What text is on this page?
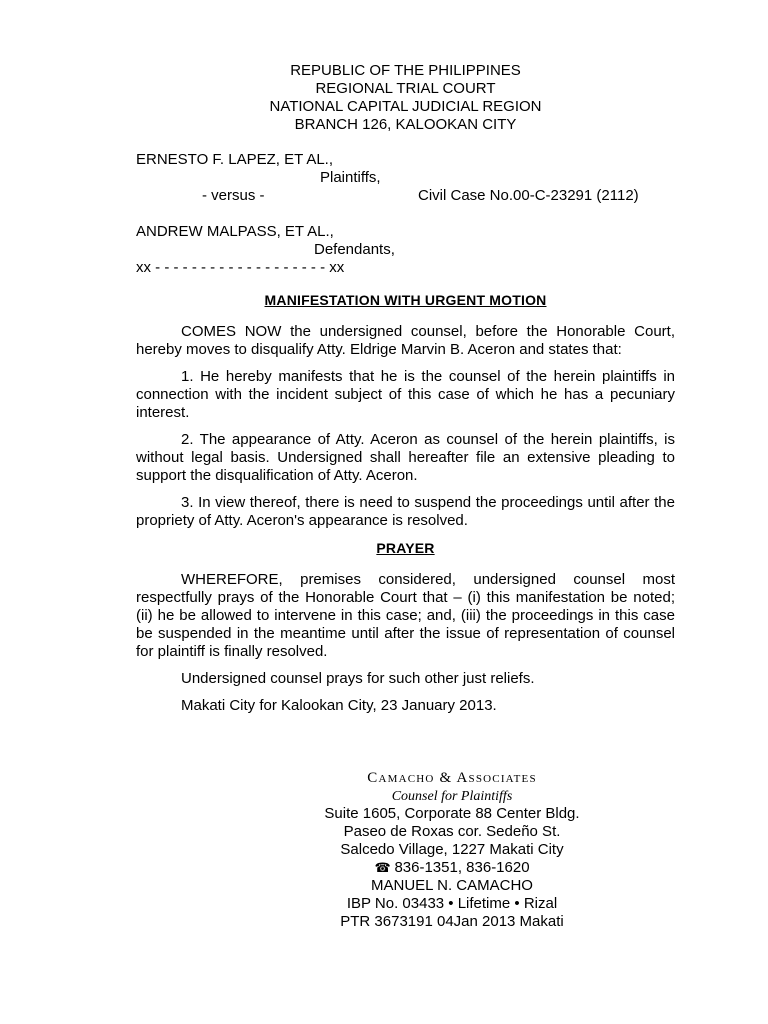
REPUBLIC OF THE PHILIPPINES
REGIONAL TRIAL COURT
NATIONAL CAPITAL JUDICIAL REGION
BRANCH 126, KALOOKAN CITY
ERNESTO F. LAPEZ, ET AL.,
Plaintiffs,
- versus -	Civil Case No.00-C-23291 (2112)
ANDREW MALPASS, ET AL.,
Defendants,
xx - - - - - - - - - - - - - - - - - - - xx
MANIFESTATION WITH URGENT MOTION

COMES NOW the undersigned counsel, before the Honorable Court, hereby moves to disqualify Atty. Eldrige Marvin B. Aceron and states that:

1. He hereby manifests that he is the counsel of the herein plaintiffs in connection with the incident subject of this case of which he has a pecuniary interest.

2. The appearance of Atty. Aceron as counsel of the herein plaintiffs, is without legal basis. Undersigned shall hereafter file an extensive pleading to support the disqualification of Atty. Aceron.

3. In view thereof, there is need to suspend the proceedings until after the propriety of Atty. Aceron's appearance is resolved.

PRAYER

WHEREFORE, premises considered, undersigned counsel most respectfully prays of the Honorable Court that – (i) this manifestation be noted; (ii) he be allowed to intervene in this case; and, (iii) the proceedings in this case be suspended in the meantime until after the issue of representation of counsel for plaintiff is finally resolved.

Undersigned counsel prays for such other just reliefs.

Makati City for Kalookan City, 23 January 2013.

Camacho & Associates
Counsel for Plaintiffs
Suite 1605, Corporate 88 Center Bldg.
Paseo de Roxas cor. Sedeño St.
Salcedo Village, 1227 Makati City
☎ 836-1351, 836-1620
MANUEL N. CAMACHO
IBP No. 03433 • Lifetime • Rizal
PTR 3673191 04Jan 2013 Makati
